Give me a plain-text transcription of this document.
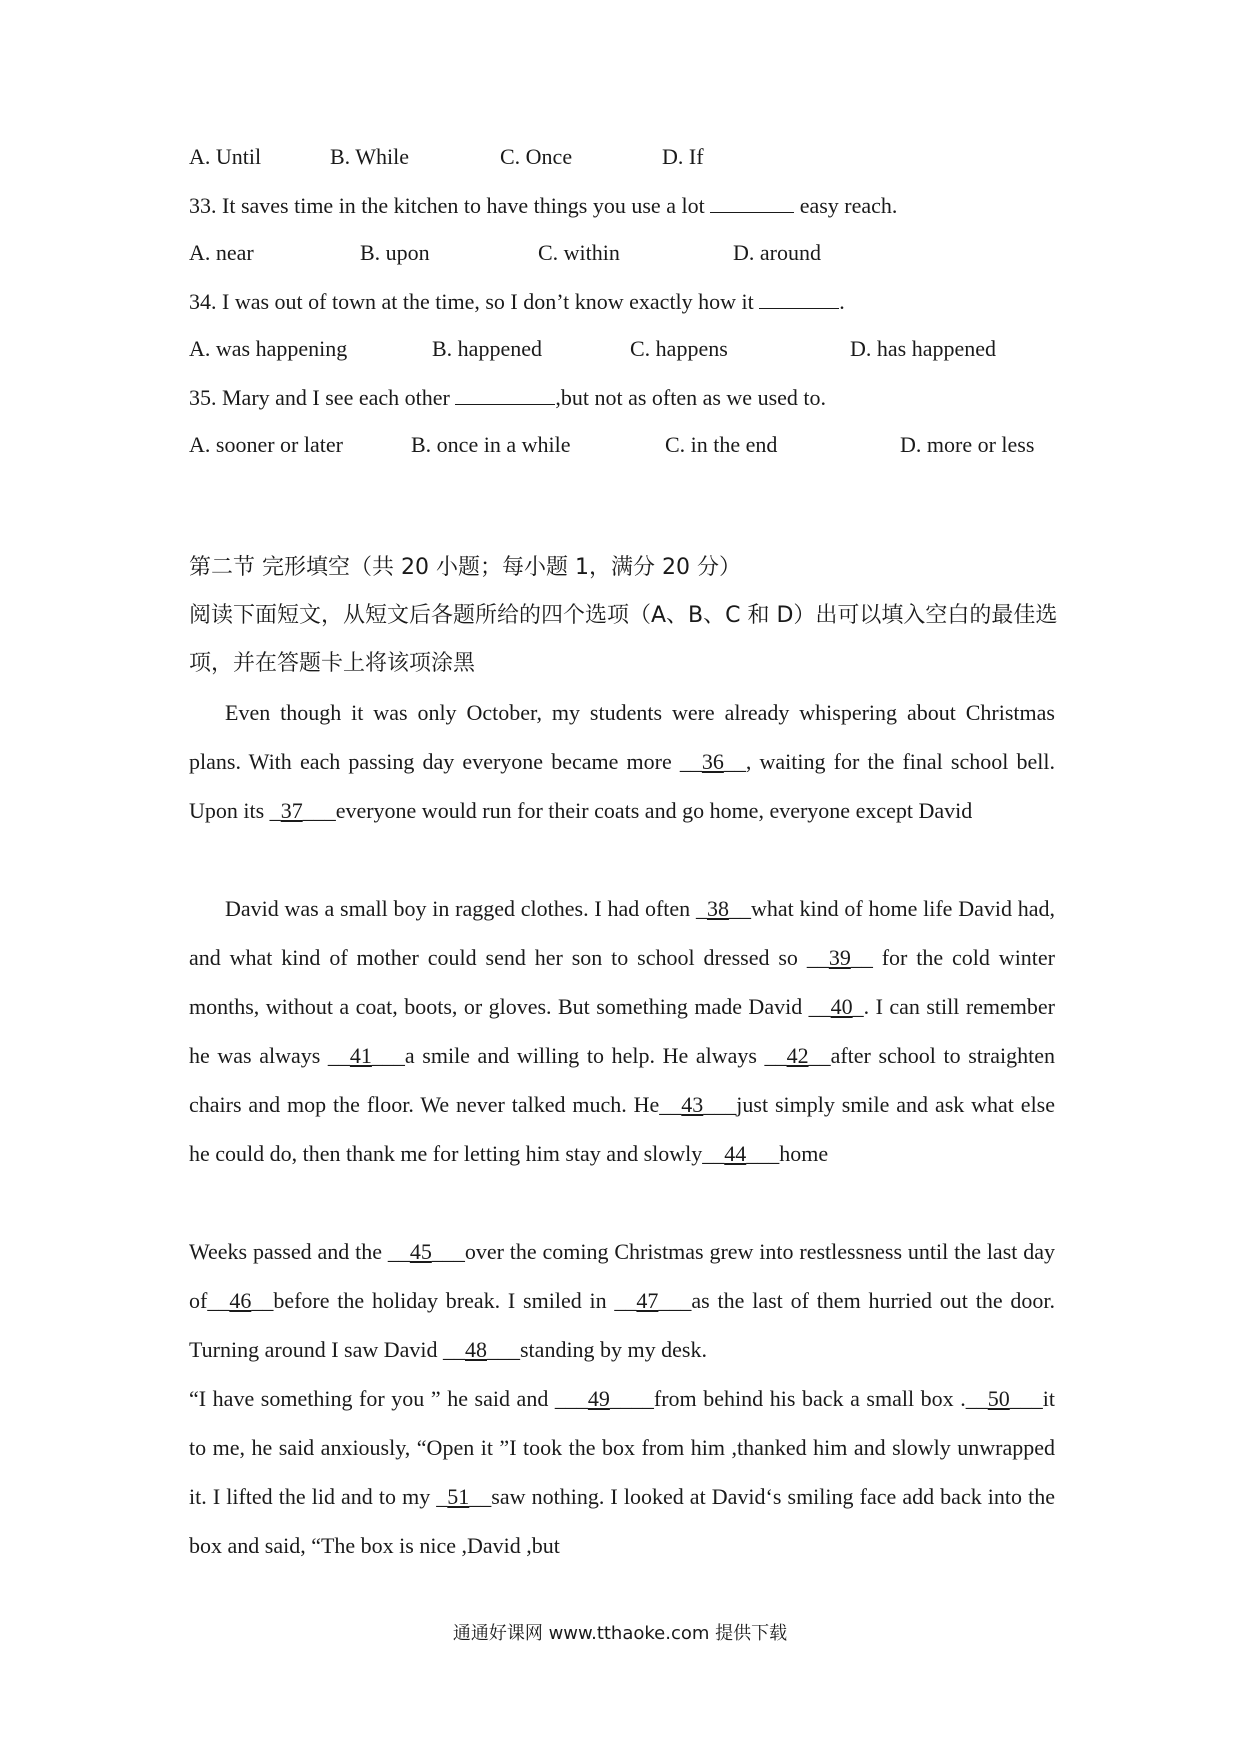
A. Until	B. While	C. Once	D. If
33. It saves time in the kitchen to have things you use a lot	easy reach.
A. near	B. upon	C. within	D. around
34. I was out of town at the time, so I don’t know exactly how it	.
A. was happening	B. happened	C. happens	D. has happened
35. Mary and I see each other	,but not as often as we used to.
A. sooner or later	B. once in a while	C. in the end	D. more or less
第二节 完形填空（共 20 小题；每小题 1，满分 20 分）
阅读下面短文，从短文后各题所给的四个选项（A、B、C 和 D）出可以填入空白的最佳选项，并在答题卡上将该项涂黑
Even though it was only October, my students were already whispering about Christmas plans. With each passing day everyone became more __36__, waiting for the final school bell. Upon its _37___everyone would run for their coats and go home, everyone except David
David was a small boy in ragged clothes. I had often _38__what kind of home life David had, and what kind of mother could send her son to school dressed so __39__ for the cold winter months, without a coat, boots, or gloves. But something made David __40_. I can still remember he was always __41___a smile and willing to help. He always __42__after school to straighten chairs and mop the floor. We never talked much. He__43___just simply smile and ask what else he could do, then thank me for letting him stay and slowly__44___home
Weeks passed and the __45___over the coming Christmas grew into restlessness until the last day of__46__before the holiday break. I smiled in __47___as the last of them hurried out the door. Turning around I saw David __48___standing by my desk.
“I have something for you ” he said and ___49____from behind his back a small box .__50___it to me, he said anxiously, “Open it ”I took the box from him ,thanked him and slowly unwrapped it. I lifted the lid and to my _51__saw nothing. I looked at David‘s smiling face add back into the box and said, “The box is nice ,David ,but
通通好课网 www.tthaoke.com 提供下载
